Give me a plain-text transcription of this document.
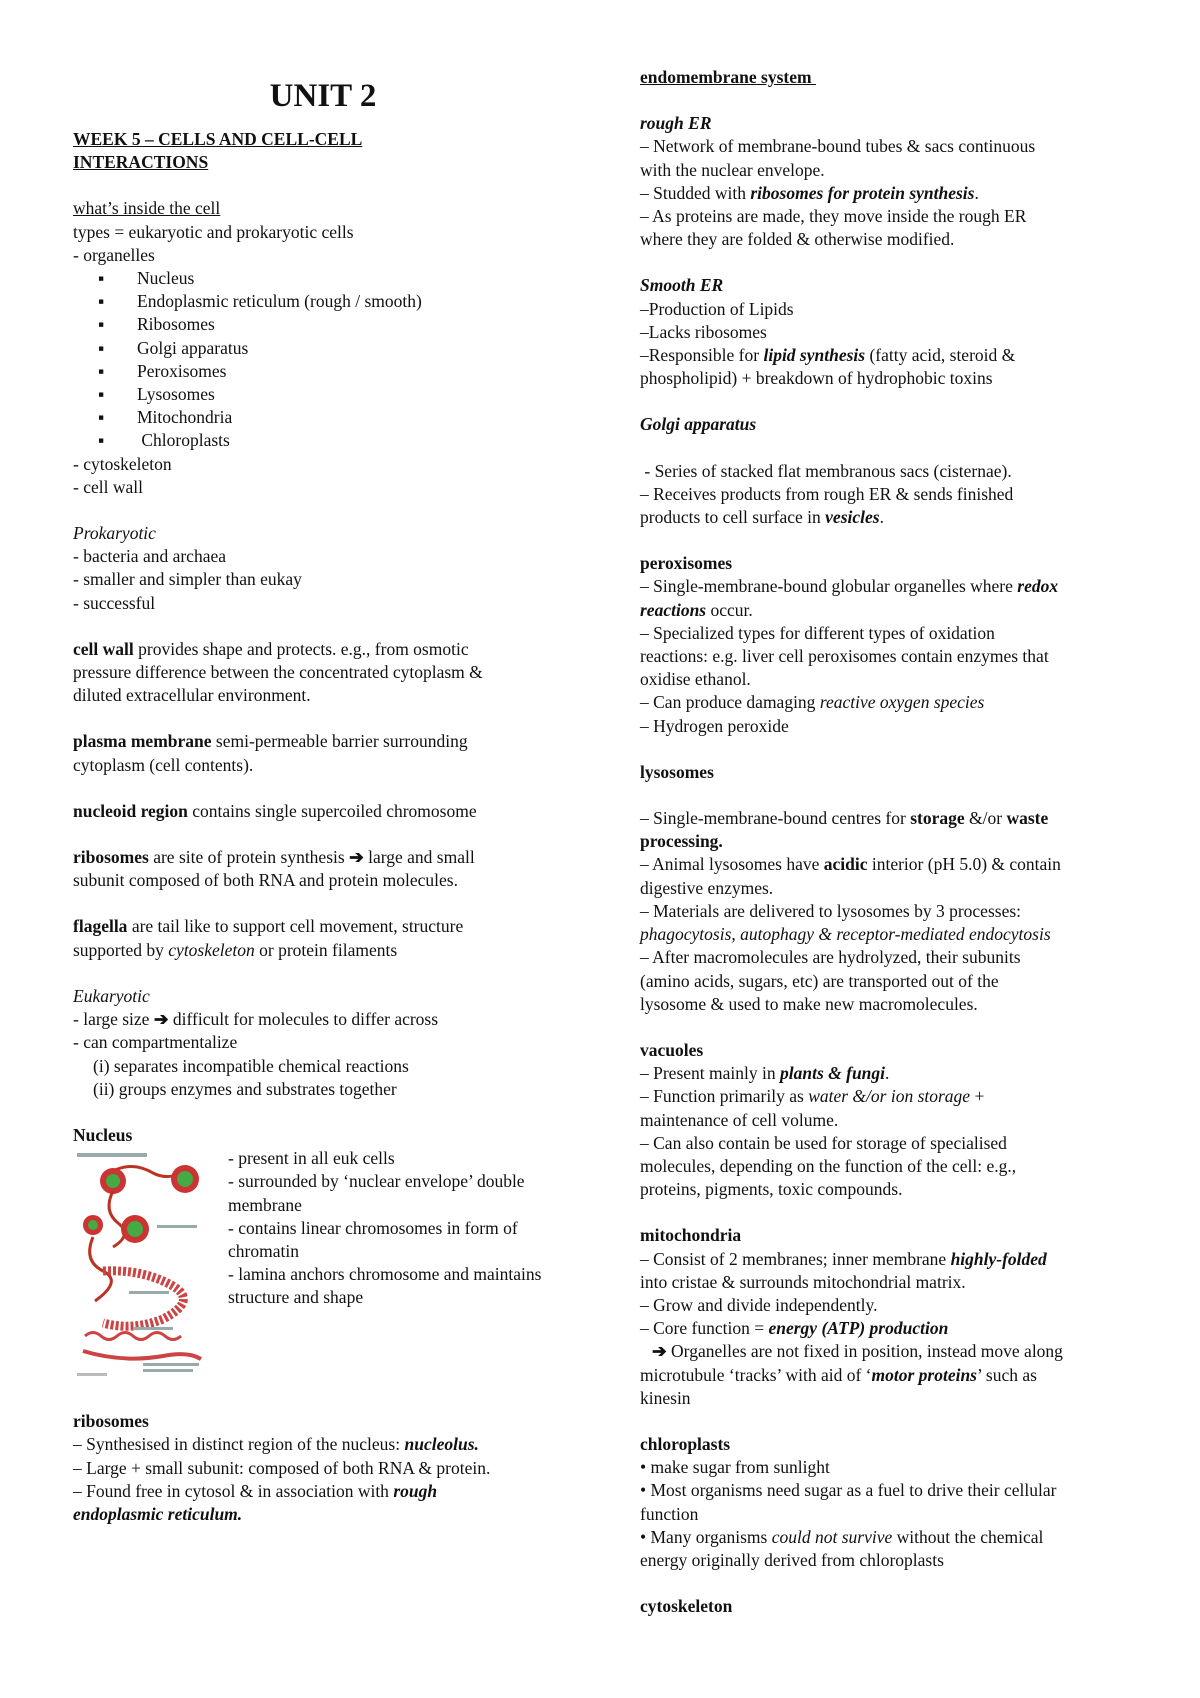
UNIT 2
WEEK 5 – CELLS AND CELL-CELL
INTERACTIONS
what’s inside the cell
types = eukaryotic and prokaryotic cells
- organelles
▪ Nucleus
▪ Endoplasmic reticulum (rough / smooth)
▪ Ribosomes
▪ Golgi apparatus
▪ Peroxisomes
▪ Lysosomes
▪ Mitochondria
▪ Chloroplasts
- cytoskeleton
- cell wall
Prokaryotic
- bacteria and archaea
- smaller and simpler than eukay
- successful
cell wall provides shape and protects. e.g., from osmotic
pressure difference between the concentrated cytoplasm &
diluted extracellular environment.
plasma membrane semi-permeable barrier surrounding
cytoplasm (cell contents).
nucleoid region contains single supercoiled chromosome
ribosomes are site of protein synthesis ➔ large and small
subunit composed of both RNA and protein molecules.
flagella are tail like to support cell movement, structure
supported by cytoskeleton or protein filaments
Eukaryotic
- large size ➔ difficult for molecules to differ across
- can compartmentalize
(i) separates incompatible chemical reactions
(ii) groups enzymes and substrates together
Nucleus
- present in all euk cells
- surrounded by ‘nuclear envelope’ double membrane
- contains linear chromosomes in form of chromatin
- lamina anchors chromosome and maintains structure and shape
ribosomes
– Synthesised in distinct region of the nucleus: nucleolus.
– Large + small subunit: composed of both RNA & protein.
– Found free in cytosol & in association with rough
endoplasmic reticulum.
endomembrane system
rough ER
– Network of membrane-bound tubes & sacs continuous
with the nuclear envelope.
– Studded with ribosomes for protein synthesis.
– As proteins are made, they move inside the rough ER
where they are folded & otherwise modified.
Smooth ER
–Production of Lipids
–Lacks ribosomes
–Responsible for lipid synthesis (fatty acid, steroid &
phospholipid) + breakdown of hydrophobic toxins
Golgi apparatus
- Series of stacked flat membranous sacs (cisternae).
– Receives products from rough ER & sends finished
products to cell surface in vesicles.
peroxisomes
– Single-membrane-bound globular organelles where redox
reactions occur.
– Specialized types for different types of oxidation
reactions: e.g. liver cell peroxisomes contain enzymes that
oxidise ethanol.
– Can produce damaging reactive oxygen species
– Hydrogen peroxide
lysosomes
– Single-membrane-bound centres for storage &/or waste
processing.
– Animal lysosomes have acidic interior (pH 5.0) & contain
digestive enzymes.
– Materials are delivered to lysosomes by 3 processes:
phagocytosis, autophagy & receptor-mediated endocytosis
– After macromolecules are hydrolyzed, their subunits
(amino acids, sugars, etc) are transported out of the
lysosome & used to make new macromolecules.
vacuoles
– Present mainly in plants & fungi.
– Function primarily as water &/or ion storage +
maintenance of cell volume.
– Can also contain be used for storage of specialised
molecules, depending on the function of the cell: e.g.,
proteins, pigments, toxic compounds.
mitochondria
– Consist of 2 membranes; inner membrane highly-folded
into cristae & surrounds mitochondrial matrix.
– Grow and divide independently.
– Core function = energy (ATP) production
➔ Organelles are not fixed in position, instead move along
microtubule ‘tracks’ with aid of ‘motor proteins’ such as
kinesin
chloroplasts
• make sugar from sunlight
• Most organisms need sugar as a fuel to drive their cellular
function
• Many organisms could not survive without the chemical
energy originally derived from chloroplasts
cytoskeleton
